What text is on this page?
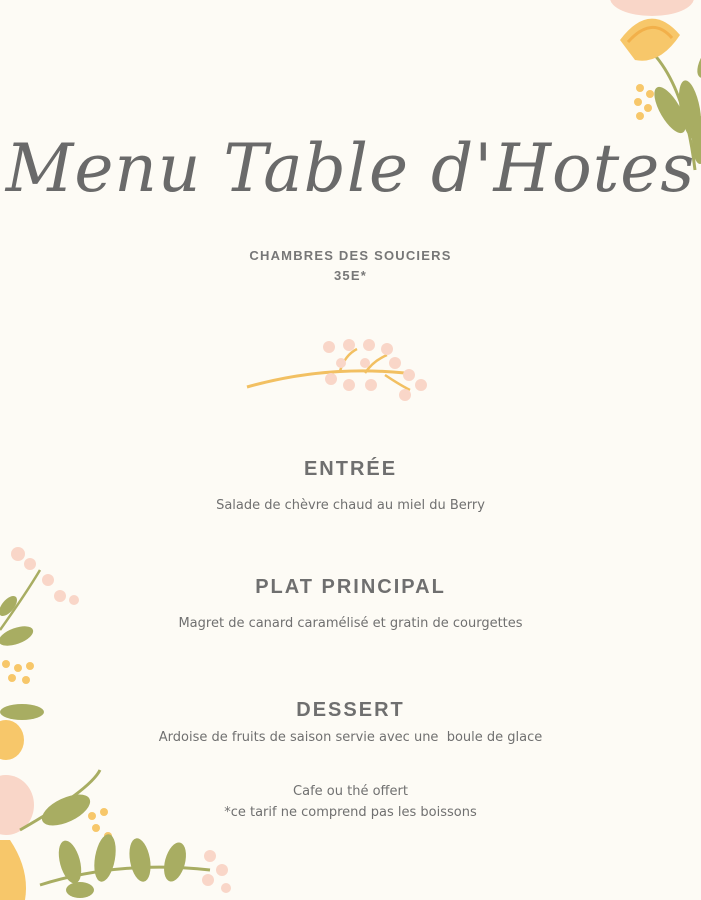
Menu Table d'Hotes
CHAMBRES DES SOUCIERS
35E*
ENTRÉE
Salade de chèvre chaud au miel du Berry
PLAT PRINCIPAL
Magret de canard caramélisé et gratin de courgettes
DESSERT
Ardoise de fruits de saison servie avec une  boule de glace
Cafe ou thé offert
*ce tarif ne comprend pas les boissons
